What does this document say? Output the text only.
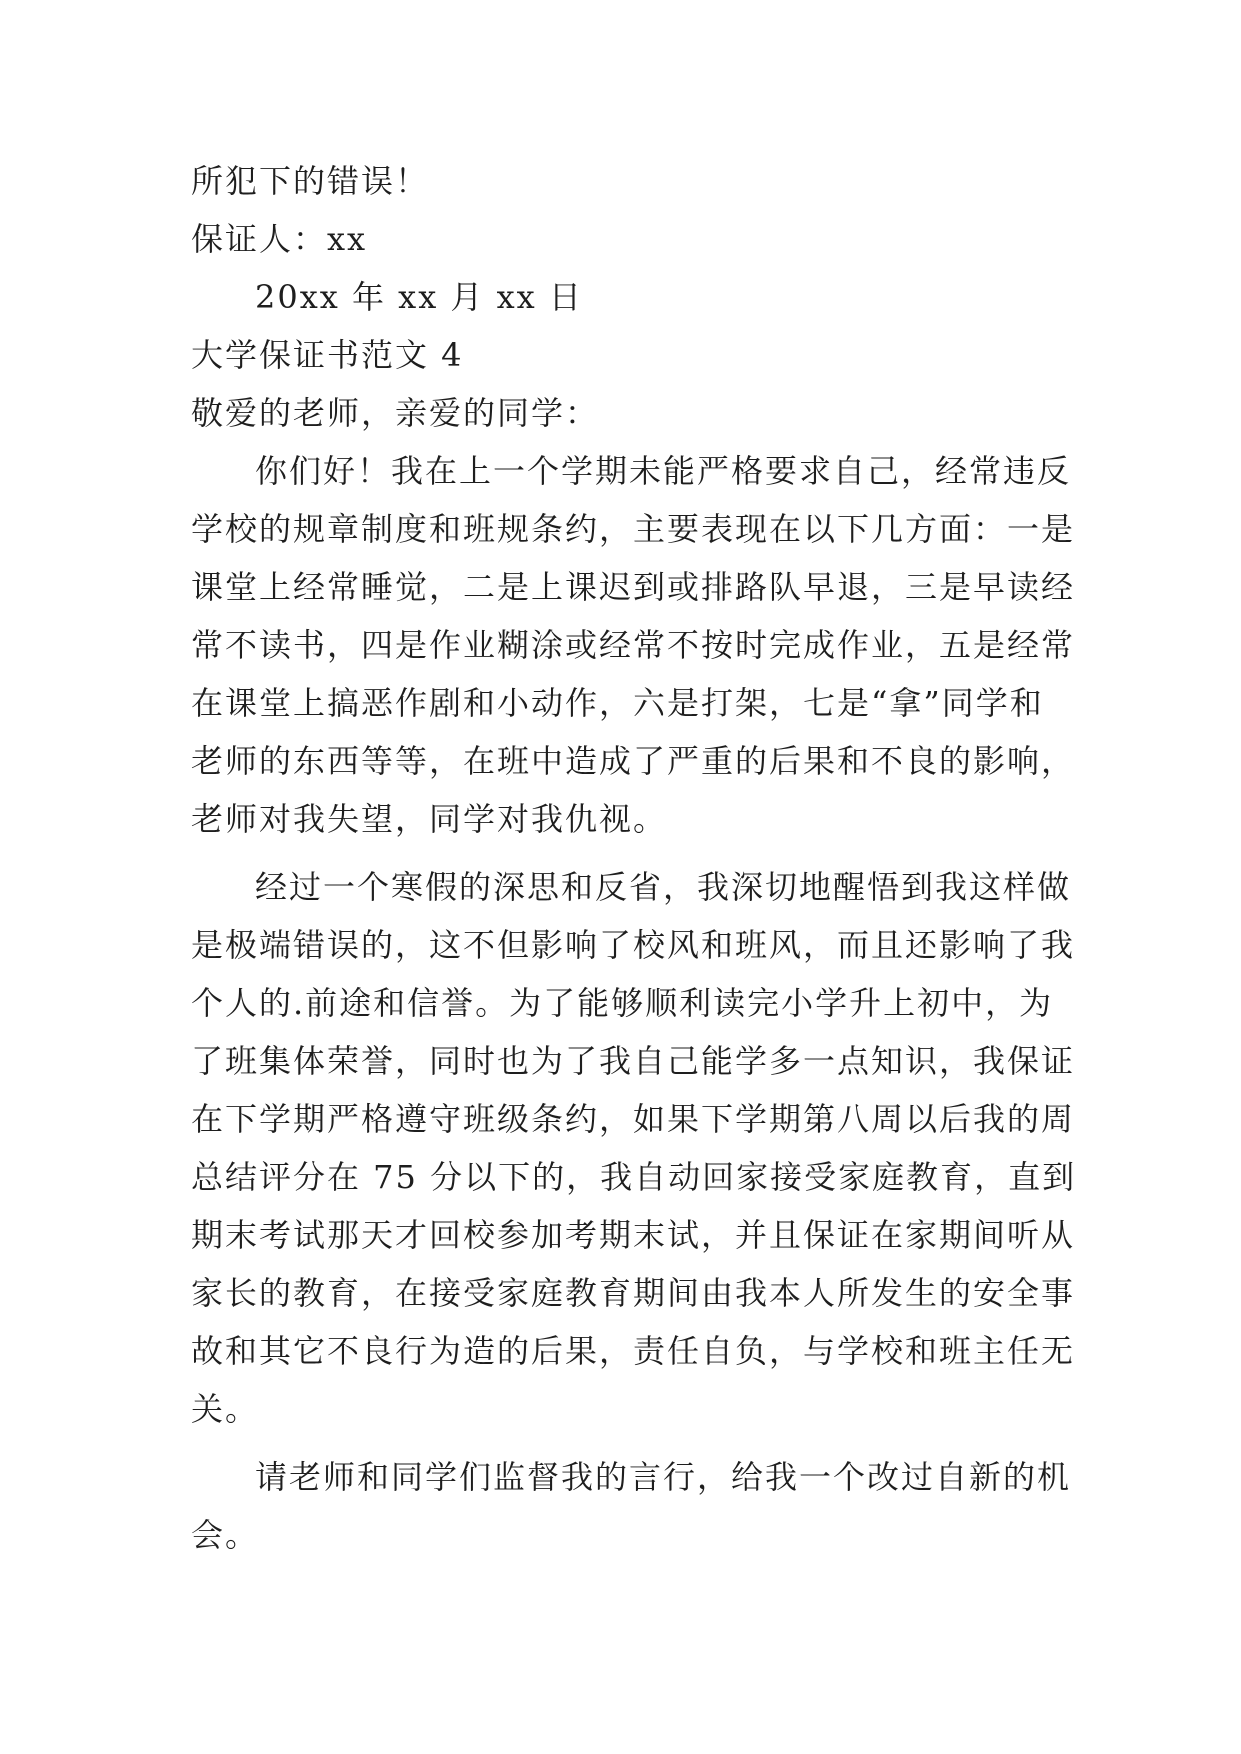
所犯下的错误！
保证人：xx
20xx 年 xx 月 xx 日
大学保证书范文 4
敬爱的老师，亲爱的同学：
你们好！我在上一个学期未能严格要求自己，经常违反
学校的规章制度和班规条约，主要表现在以下几方面：一是
课堂上经常睡觉，二是上课迟到或排路队早退，三是早读经
常不读书，四是作业糊涂或经常不按时完成作业，五是经常
在课堂上搞恶作剧和小动作，六是打架，七是“拿”同学和
老师的东西等等，在班中造成了严重的后果和不良的影响，
老师对我失望，同学对我仇视。
经过一个寒假的深思和反省，我深切地醒悟到我这样做
是极端错误的，这不但影响了校风和班风，而且还影响了我
个人的.前途和信誉。为了能够顺利读完小学升上初中，为
了班集体荣誉，同时也为了我自己能学多一点知识，我保证
在下学期严格遵守班级条约，如果下学期第八周以后我的周
总结评分在 75 分以下的，我自动回家接受家庭教育，直到
期末考试那天才回校参加考期末试，并且保证在家期间听从
家长的教育，在接受家庭教育期间由我本人所发生的安全事
故和其它不良行为造的后果，责任自负，与学校和班主任无
关。
请老师和同学们监督我的言行，给我一个改过自新的机
会。
